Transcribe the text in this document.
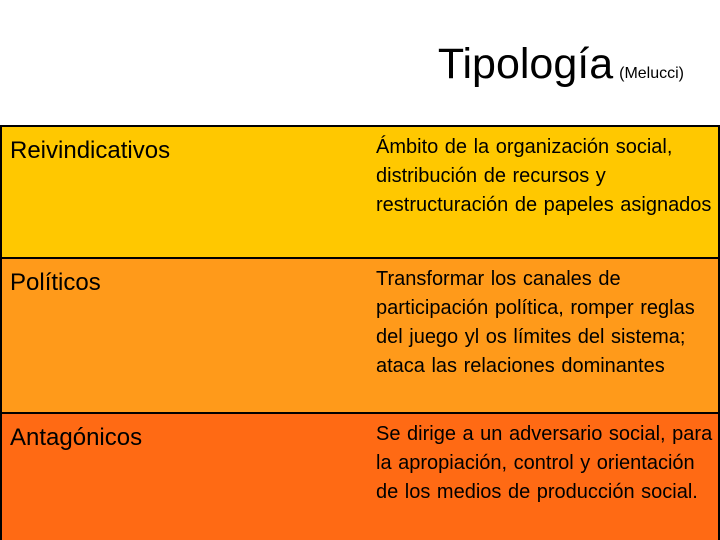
Tipología (Melucci)
Reivindicativos	Ámbito de la organización social, distribución de recursos y restructuración de papeles asignados
Políticos	Transformar los canales de participación política, romper reglas del juego yl os límites del sistema; ataca las relaciones dominantes
Antagónicos	Se dirige a un adversario social, para la apropiación, control y orientación de los medios de producción social.
